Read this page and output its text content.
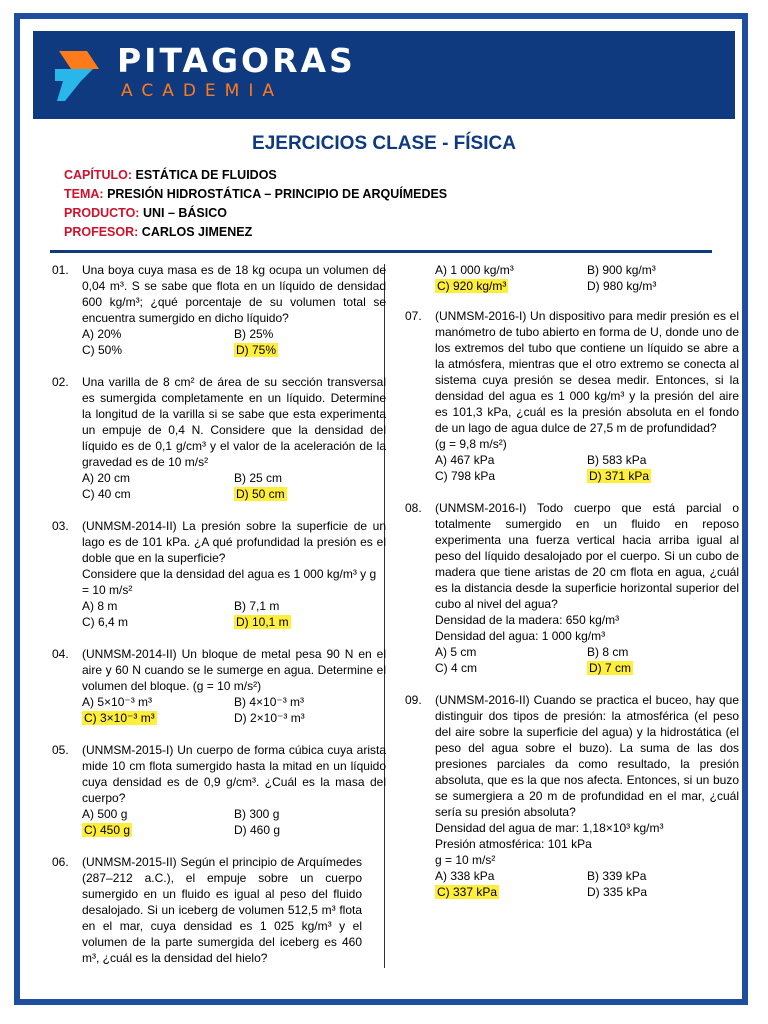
PITAGORAS
ACADEMIA
EJERCICIOS CLASE - FÍSICA
CAPÍTULO: ESTÁTICA DE FLUIDOS
TEMA: PRESIÓN HIDROSTÁTICA – PRINCIPIO DE ARQUÍMEDES
PRODUCTO: UNI – BÁSICO
PROFESOR: CARLOS JIMENEZ
01.	Una boya cuya masa es de 18 kg ocupa un volumen de 0,04 m³. S se sabe que flota en un líquido de densidad 600 kg/m³; ¿qué porcentaje de su volumen total se encuentra sumergido en dicho líquido?

A) 20%	B) 25%
C) 50%	D) 75%
02.	Una varilla de 8 cm² de área de su sección transversal es sumergida completamente en un líquido. Determine la longitud de la varilla si se sabe que esta experimenta un empuje de 0,4 N. Considere que la densidad del líquido es de 0,1 g/cm³ y el valor de la aceleración de la gravedad es de 10 m/s²

A) 20 cm	B) 25 cm
C) 40 cm	D) 50 cm
03.	(UNMSM-2014-II) La presión sobre la superficie de un lago es de 101 kPa. ¿A qué profundidad la presión es el doble que en la superficie?

Considere que la densidad del agua es 1 000 kg/m³ y g = 10 m/s²

A) 8 m	B) 7,1 m
C) 6,4 m	D) 10,1 m
04.	(UNMSM-2014-II) Un bloque de metal pesa 90 N en el aire y 60 N cuando se le sumerge en agua. Determine el volumen del bloque. (g = 10 m/s²)

A) 5×10⁻³ m³	B) 4×10⁻³ m³
C) 3×10⁻³ m³	D) 2×10⁻³ m³
05.	(UNMSM-2015-I) Un cuerpo de forma cúbica cuya arista mide 10 cm flota sumergido hasta la mitad en un líquido cuya densidad es de 0,9 g/cm³. ¿Cuál es la masa del cuerpo?

A) 500 g	B) 300 g
C) 450 g	D) 460 g
06.	(UNMSM-2015-II) Según el principio de Arquímedes (287–212 a.C.), el empuje sobre un cuerpo sumergido en un fluido es igual al peso del fluido desalojado. Si un iceberg de volumen 512,5 m³ flota en el mar, cuya densidad es 1 025 kg/m³ y el volumen de la parte sumergida del iceberg es 460 m³, ¿cuál es la densidad del hielo?

A) 1 000 kg/m³	B) 900 kg/m³
C) 920 kg/m³	D) 980 kg/m³
07.	(UNMSM-2016-I) Un dispositivo para medir presión es el manómetro de tubo abierto en forma de U, donde uno de los extremos del tubo que contiene un líquido se abre a la atmósfera, mientras que el otro extremo se conecta al sistema cuya presión se desea medir. Entonces, si la densidad del agua es 1 000 kg/m³ y la presión del aire es 101,3 kPa, ¿cuál es la presión absoluta en el fondo de un lago de agua dulce de 27,5 m de profundidad?

(g = 9,8 m/s²)

A) 467 kPa	B) 583 kPa
C) 798 kPa	D) 371 kPa
08.	(UNMSM-2016-I) Todo cuerpo que está parcial o totalmente sumergido en un fluido en reposo experimenta una fuerza vertical hacia arriba igual al peso del líquido desalojado por el cuerpo. Si un cubo de madera que tiene aristas de 20 cm flota en agua, ¿cuál es la distancia desde la superficie horizontal superior del cubo al nivel del agua?

Densidad de la madera: 650 kg/m³

Densidad del agua: 1 000 kg/m³

A) 5 cm	B) 8 cm
C) 4 cm	D) 7 cm
09.	(UNMSM-2016-II) Cuando se practica el buceo, hay que distinguir dos tipos de presión: la atmosférica (el peso del aire sobre la superficie del agua) y la hidrostática (el peso del agua sobre el buzo). La suma de las dos presiones parciales da como resultado, la presión absoluta, que es la que nos afecta. Entonces, si un buzo se sumergiera a 20 m de profundidad en el mar, ¿cuál sería su presión absoluta?

Densidad del agua de mar: 1,18×10³ kg/m³

Presión atmosférica: 101 kPa

g = 10 m/s²

A) 338 kPa	B) 339 kPa
C) 337 kPa	D) 335 kPa
